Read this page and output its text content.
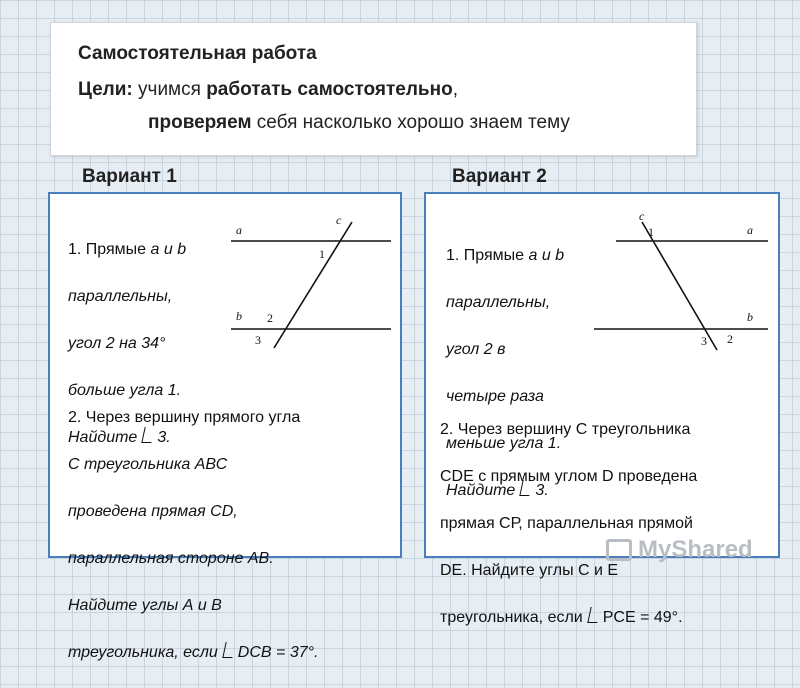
Самостоятельная работа
Цели: учимся работать самостоятельно,
проверяем себя насколько хорошо знаем тему
Вариант 1	Вариант 2

1. Прямые a и b

параллельны,

угол 2 на 34°

больше угла 1.

Найдите 3.

a
c
1
b 2
3

2. Через вершину прямого угла

С треугольника АВС

проведена прямая CD,

параллельная стороне АВ.

Найдите углы А и В

треугольника, если DCB = 37°.

1. Прямые a и b

параллельны,

угол 2 в

четыре раза

меньше угла 1.

Найдите 3.

c
1	a
b
3 2

2. Через вершину С треугольника

CDE с прямым углом D проведена

прямая СР, параллельная прямой

DE. Найдите углы С и Е

треугольника, если PCE = 49°.

MyShared
